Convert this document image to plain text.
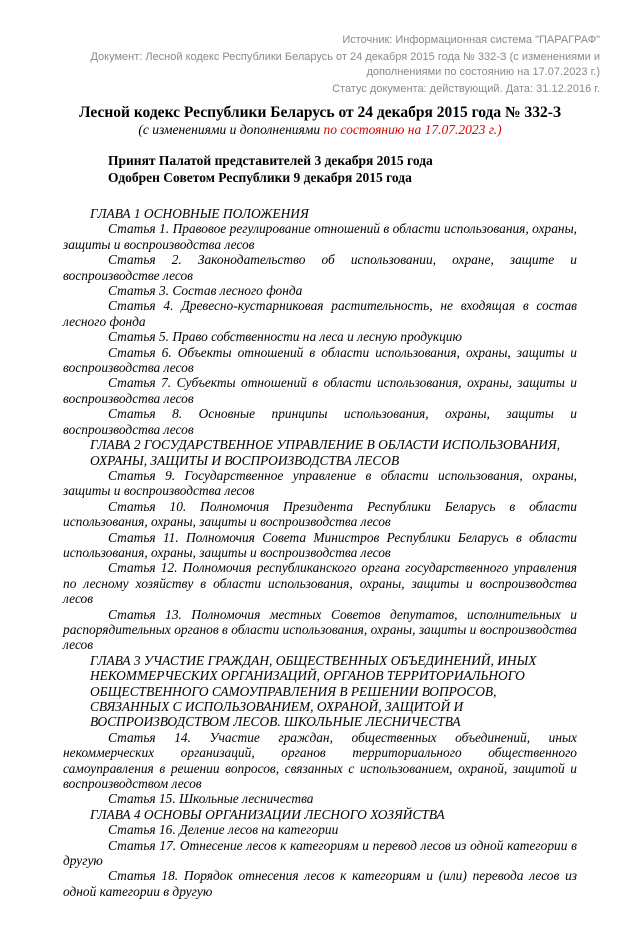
Источник: Информационная система "ПАРАГРАФ"

Документ: Лесной кодекс Республики Беларусь от 24 декабря 2015 года № 332-З (с изменениями и дополнениями по состоянию на 17.07.2023 г.)

Статус документа: действующий. Дата: 31.12.2016 г.

Лесной кодекс Республики Беларусь от 24 декабря 2015 года № 332-З
(с изменениями и дополнениями по состоянию на 17.07.2023 г.)

Принят Палатой представителей 3 декабря 2015 года

Одобрен Советом Республики 9 декабря 2015 года

ГЛАВА 1 ОСНОВНЫЕ ПОЛОЖЕНИЯ

Статья 1. Правовое регулирование отношений в области использования, охраны, защиты и воспроизводства лесов

Статья 2. Законодательство об использовании, охране, защите и воспроизводстве лесов

Статья 3. Состав лесного фонда

Статья 4. Древесно-кустарниковая растительность, не входящая в состав лесного фонда

Статья 5. Право собственности на леса и лесную продукцию

Статья 6. Объекты отношений в области использования, охраны, защиты и воспроизводства лесов

Статья 7. Субъекты отношений в области использования, охраны, защиты и воспроизводства лесов

Статья 8. Основные принципы использования, охраны, защиты и воспроизводства лесов

ГЛАВА 2 ГОСУДАРСТВЕННОЕ УПРАВЛЕНИЕ В ОБЛАСТИ ИСПОЛЬЗОВАНИЯ, ОХРАНЫ, ЗАЩИТЫ И ВОСПРОИЗВОДСТВА ЛЕСОВ

Статья 9. Государственное управление в области использования, охраны, защиты и воспроизводства лесов

Статья 10. Полномочия Президента Республики Беларусь в области использования, охраны, защиты и воспроизводства лесов

Статья 11. Полномочия Совета Министров Республики Беларусь в области использования, охраны, защиты и воспроизводства лесов

Статья 12. Полномочия республиканского органа государственного управления по лесному хозяйству в области использования, охраны, защиты и воспроизводства лесов

Статья 13. Полномочия местных Советов депутатов, исполнительных и распорядительных органов в области использования, охраны, защиты и воспроизводства лесов

ГЛАВА 3 УЧАСТИЕ ГРАЖДАН, ОБЩЕСТВЕННЫХ ОБЪЕДИНЕНИЙ, ИНЫХ НЕКОММЕРЧЕСКИХ ОРГАНИЗАЦИЙ, ОРГАНОВ ТЕРРИТОРИАЛЬНОГО ОБЩЕСТВЕННОГО САМОУПРАВЛЕНИЯ В РЕШЕНИИ ВОПРОСОВ, СВЯЗАННЫХ С ИСПОЛЬЗОВАНИЕМ, ОХРАНОЙ, ЗАЩИТОЙ И ВОСПРОИЗВОДСТВОМ ЛЕСОВ. ШКОЛЬНЫЕ ЛЕСНИЧЕСТВА

Статья 14. Участие граждан, общественных объединений, иных некоммерческих организаций, органов территориального общественного самоуправления в решении вопросов, связанных с использованием, охраной, защитой и воспроизводством лесов

Статья 15. Школьные лесничества

ГЛАВА 4 ОСНОВЫ ОРГАНИЗАЦИИ ЛЕСНОГО ХОЗЯЙСТВА

Статья 16. Деление лесов на категории

Статья 17. Отнесение лесов к категориям и перевод лесов из одной категории в другую

Статья 18. Порядок отнесения лесов к категориям и (или) перевода лесов из одной категории в другую
